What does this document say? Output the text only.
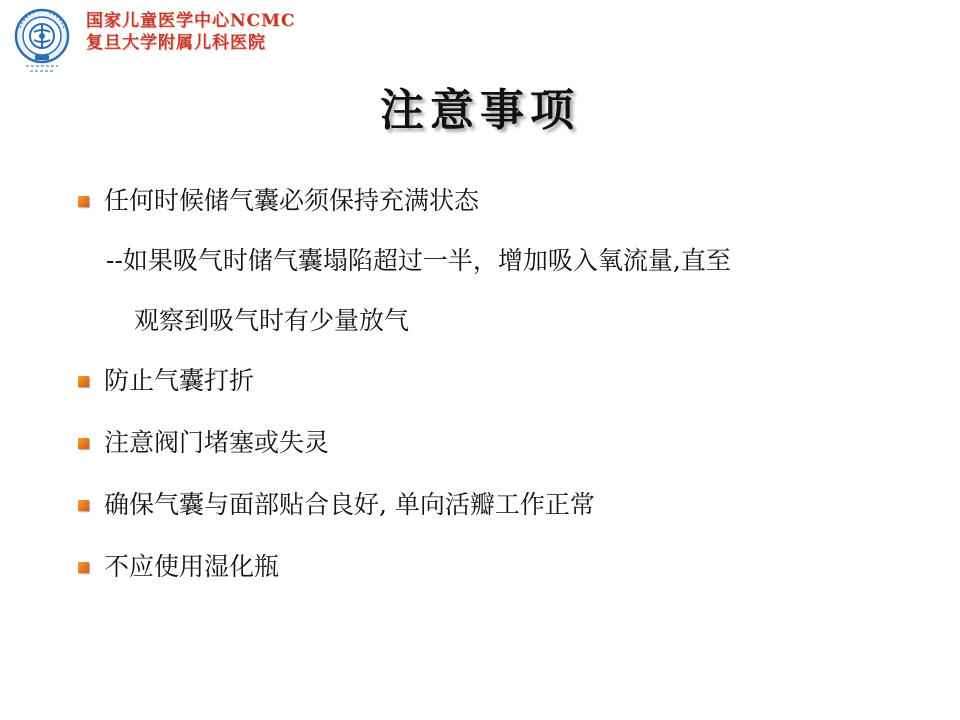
国家儿童医学中心NCMC
复旦大学附属儿科医院
注意事项
任何时候储气囊必须保持充满状态
--如果吸气时储气囊塌陷超过一半，增加吸入氧流量,直至
观察到吸气时有少量放气
防止气囊打折
注意阀门堵塞或失灵
确保气囊与面部贴合良好, 单向活瓣工作正常
不应使用湿化瓶
